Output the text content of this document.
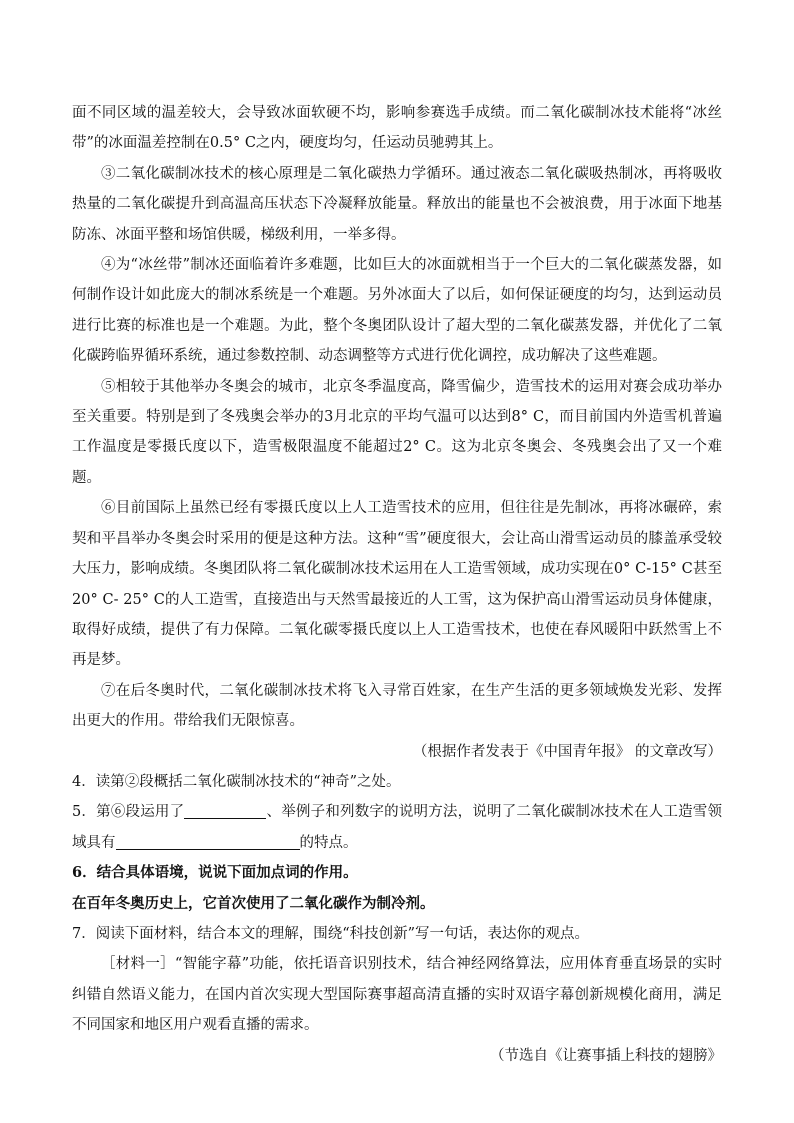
面不同区域的温差较大，会导致冰面软硬不均，影响参赛选手成绩。而二氧化碳制冰技术能将“冰丝带”的冰面温差控制在0.5° C之内，硬度均匀，任运动员驰骋其上。

③二氧化碳制冰技术的核心原理是二氧化碳热力学循环。通过液态二氧化碳吸热制冰，再将吸收热量的二氧化碳提升到高温高压状态下冷凝释放能量。释放出的能量也不会被浪费，用于冰面下地基防冻、冰面平整和场馆供暖，梯级利用，一举多得。

④为“冰丝带”制冰还面临着许多难题，比如巨大的冰面就相当于一个巨大的二氧化碳蒸发器，如何制作设计如此庞大的制冰系统是一个难题。另外冰面大了以后，如何保证硬度的均匀，达到运动员进行比赛的标准也是一个难题。为此，整个冬奥团队设计了超大型的二氧化碳蒸发器，并优化了二氧化碳跨临界循环系统，通过参数控制、动态调整等方式进行优化调控，成功解决了这些难题。

⑤相较于其他举办冬奥会的城市，北京冬季温度高，降雪偏少，造雪技术的运用对赛会成功举办至关重要。特别是到了冬残奥会举办的3月北京的平均气温可以达到8° C，而目前国内外造雪机普遍工作温度是零摄氏度以下，造雪极限温度不能超过2° C。这为北京冬奥会、冬残奥会出了又一个难题。

⑥目前国际上虽然已经有零摄氏度以上人工造雪技术的应用，但往往是先制冰，再将冰碾碎，索契和平昌举办冬奥会时采用的便是这种方法。这种“雪”硬度很大，会让高山滑雪运动员的膝盖承受较大压力，影响成绩。冬奥团队将二氧化碳制冰技术运用在人工造雪领域，成功实现在0° C-15° C甚至20° C- 25° C的人工造雪，直接造出与天然雪最接近的人工雪，这为保护高山滑雪运动员身体健康，取得好成绩，提供了有力保障。二氧化碳零摄氏度以上人工造雪技术，也使在春风暖阳中跃然雪上不再是梦。

⑦在后冬奥时代，二氧化碳制冰技术将飞入寻常百姓家，在生产生活的更多领域焕发光彩、发挥出更大的作用。带给我们无限惊喜。

（根据作者发表于《中国青年报》 的文章改写）

4．读第②段概括二氧化碳制冰技术的“神奇”之处。

5．第⑥段运用了	、举例子和列数字的说明方法，说明了二氧化碳制冰技术在人工造雪领域具有	的特点。

6．结合具体语境，说说下面加点词的作用。

在百年冬奥历史上，它首次使用了二氧化碳作为制冷剂。

7．阅读下面材料，结合本文的理解，围绕“科技创新”写一句话，表达你的观点。

［材料一］“智能字幕”功能，依托语音识别技术，结合神经网络算法，应用体育垂直场景的实时纠错自然语义能力，在国内首次实现大型国际赛事超高清直播的实时双语字幕创新规模化商用，满足不同国家和地区用户观看直播的需求。

（节选自《让赛事插上科技的翅膀》
